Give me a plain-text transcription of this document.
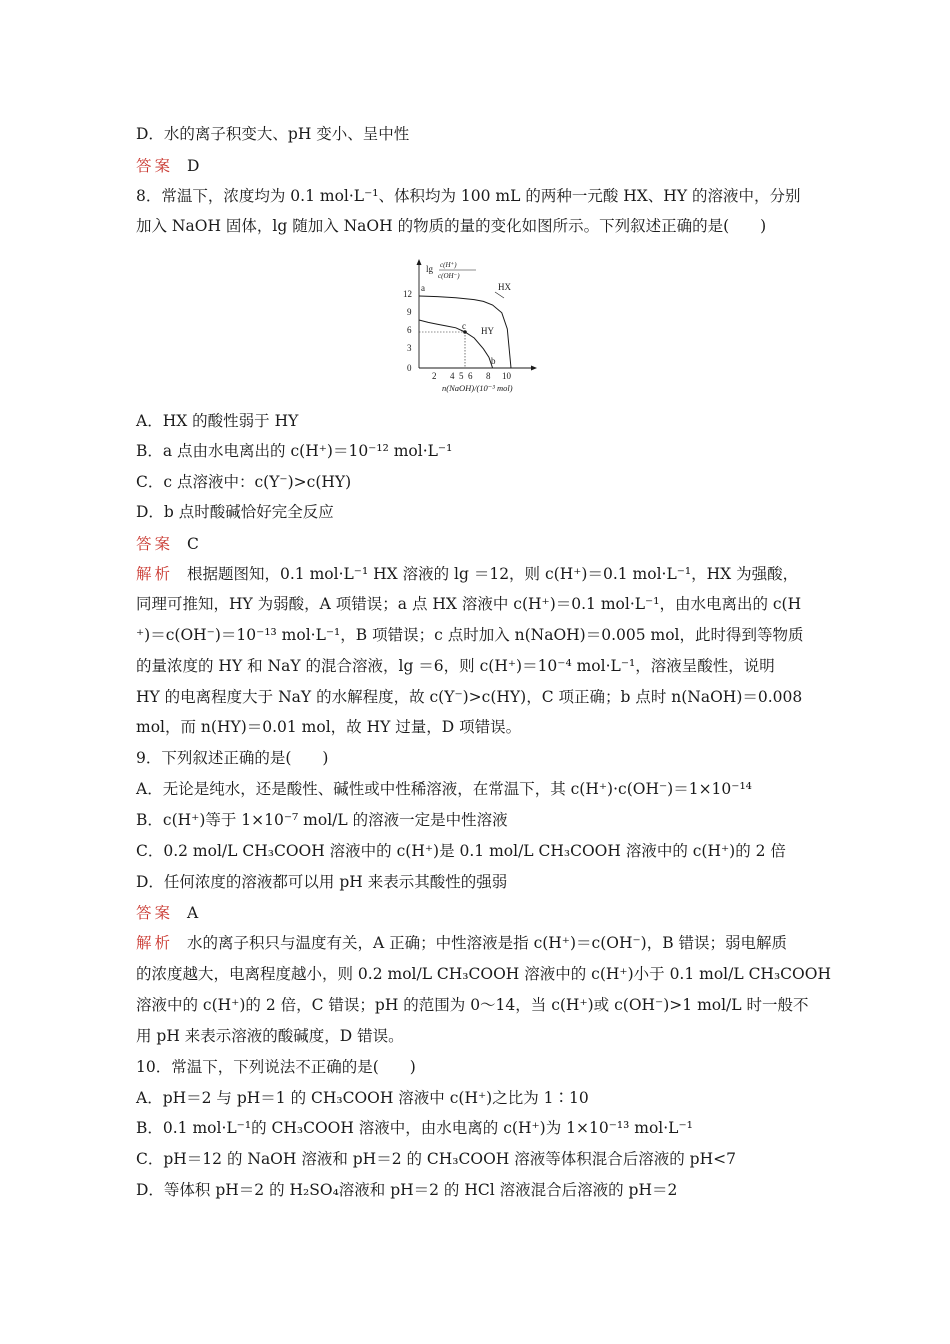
D．水的离子积变大、pH 变小、呈中性
答案 D
8．常温下，浓度均为 0.1 mol·L⁻¹、体积均为 100 mL 的两种一元酸 HX、HY 的溶液中，分别
加入 NaOH 固体，lg 随加入 NaOH 的物质的量的变化如图所示。下列叙述正确的是(　　)
lg c(H⁺)
c(OH⁻)
12
9
6
3
0
2 4 5 6 8 10
n(NaOH)/(10⁻³ mol)
HX
HY
a
c
b
A．HX 的酸性弱于 HY
B．a 点由水电离出的 c(H⁺)＝10⁻¹² mol·L⁻¹
C．c 点溶液中：c(Y⁻)>c(HY)
D．b 点时酸碱恰好完全反应
答案 C
解析 根据题图知，0.1 mol·L⁻¹ HX 溶液的 lg ＝12，则 c(H⁺)＝0.1 mol·L⁻¹，HX 为强酸，
同理可推知，HY 为弱酸，A 项错误；a 点 HX 溶液中 c(H⁺)＝0.1 mol·L⁻¹，由水电离出的 c(H
⁺)＝c(OH⁻)＝10⁻¹³ mol·L⁻¹，B 项错误；c 点时加入 n(NaOH)＝0.005 mol，此时得到等物质
的量浓度的 HY 和 NaY 的混合溶液，lg ＝6，则 c(H⁺)＝10⁻⁴ mol·L⁻¹，溶液呈酸性，说明
HY 的电离程度大于 NaY 的水解程度，故 c(Y⁻)>c(HY)，C 项正确；b 点时 n(NaOH)＝0.008
mol，而 n(HY)＝0.01 mol，故 HY 过量，D 项错误。
9．下列叙述正确的是(　　)
A．无论是纯水，还是酸性、碱性或中性稀溶液，在常温下，其 c(H⁺)·c(OH⁻)＝1×10⁻¹⁴
B．c(H⁺)等于 1×10⁻⁷ mol/L 的溶液一定是中性溶液
C．0.2 mol/L CH₃COOH 溶液中的 c(H⁺)是 0.1 mol/L CH₃COOH 溶液中的 c(H⁺)的 2 倍
D．任何浓度的溶液都可以用 pH 来表示其酸性的强弱
答案 A
解析 水的离子积只与温度有关，A 正确；中性溶液是指 c(H⁺)＝c(OH⁻)，B 错误；弱电解质
的浓度越大，电离程度越小，则 0.2 mol/L CH₃COOH 溶液中的 c(H⁺)小于 0.1 mol/L CH₃COOH
溶液中的 c(H⁺)的 2 倍，C 错误；pH 的范围为 0～14，当 c(H⁺)或 c(OH⁻)>1 mol/L 时一般不
用 pH 来表示溶液的酸碱度，D 错误。
10．常温下，下列说法不正确的是(　　)
A．pH＝2 与 pH＝1 的 CH₃COOH 溶液中 c(H⁺)之比为 1∶10
B．0.1 mol·L⁻¹的 CH₃COOH 溶液中，由水电离的 c(H⁺)为 1×10⁻¹³ mol·L⁻¹
C．pH＝12 的 NaOH 溶液和 pH＝2 的 CH₃COOH 溶液等体积混合后溶液的 pH<7
D．等体积 pH＝2 的 H₂SO₄溶液和 pH＝2 的 HCl 溶液混合后溶液的 pH＝2
